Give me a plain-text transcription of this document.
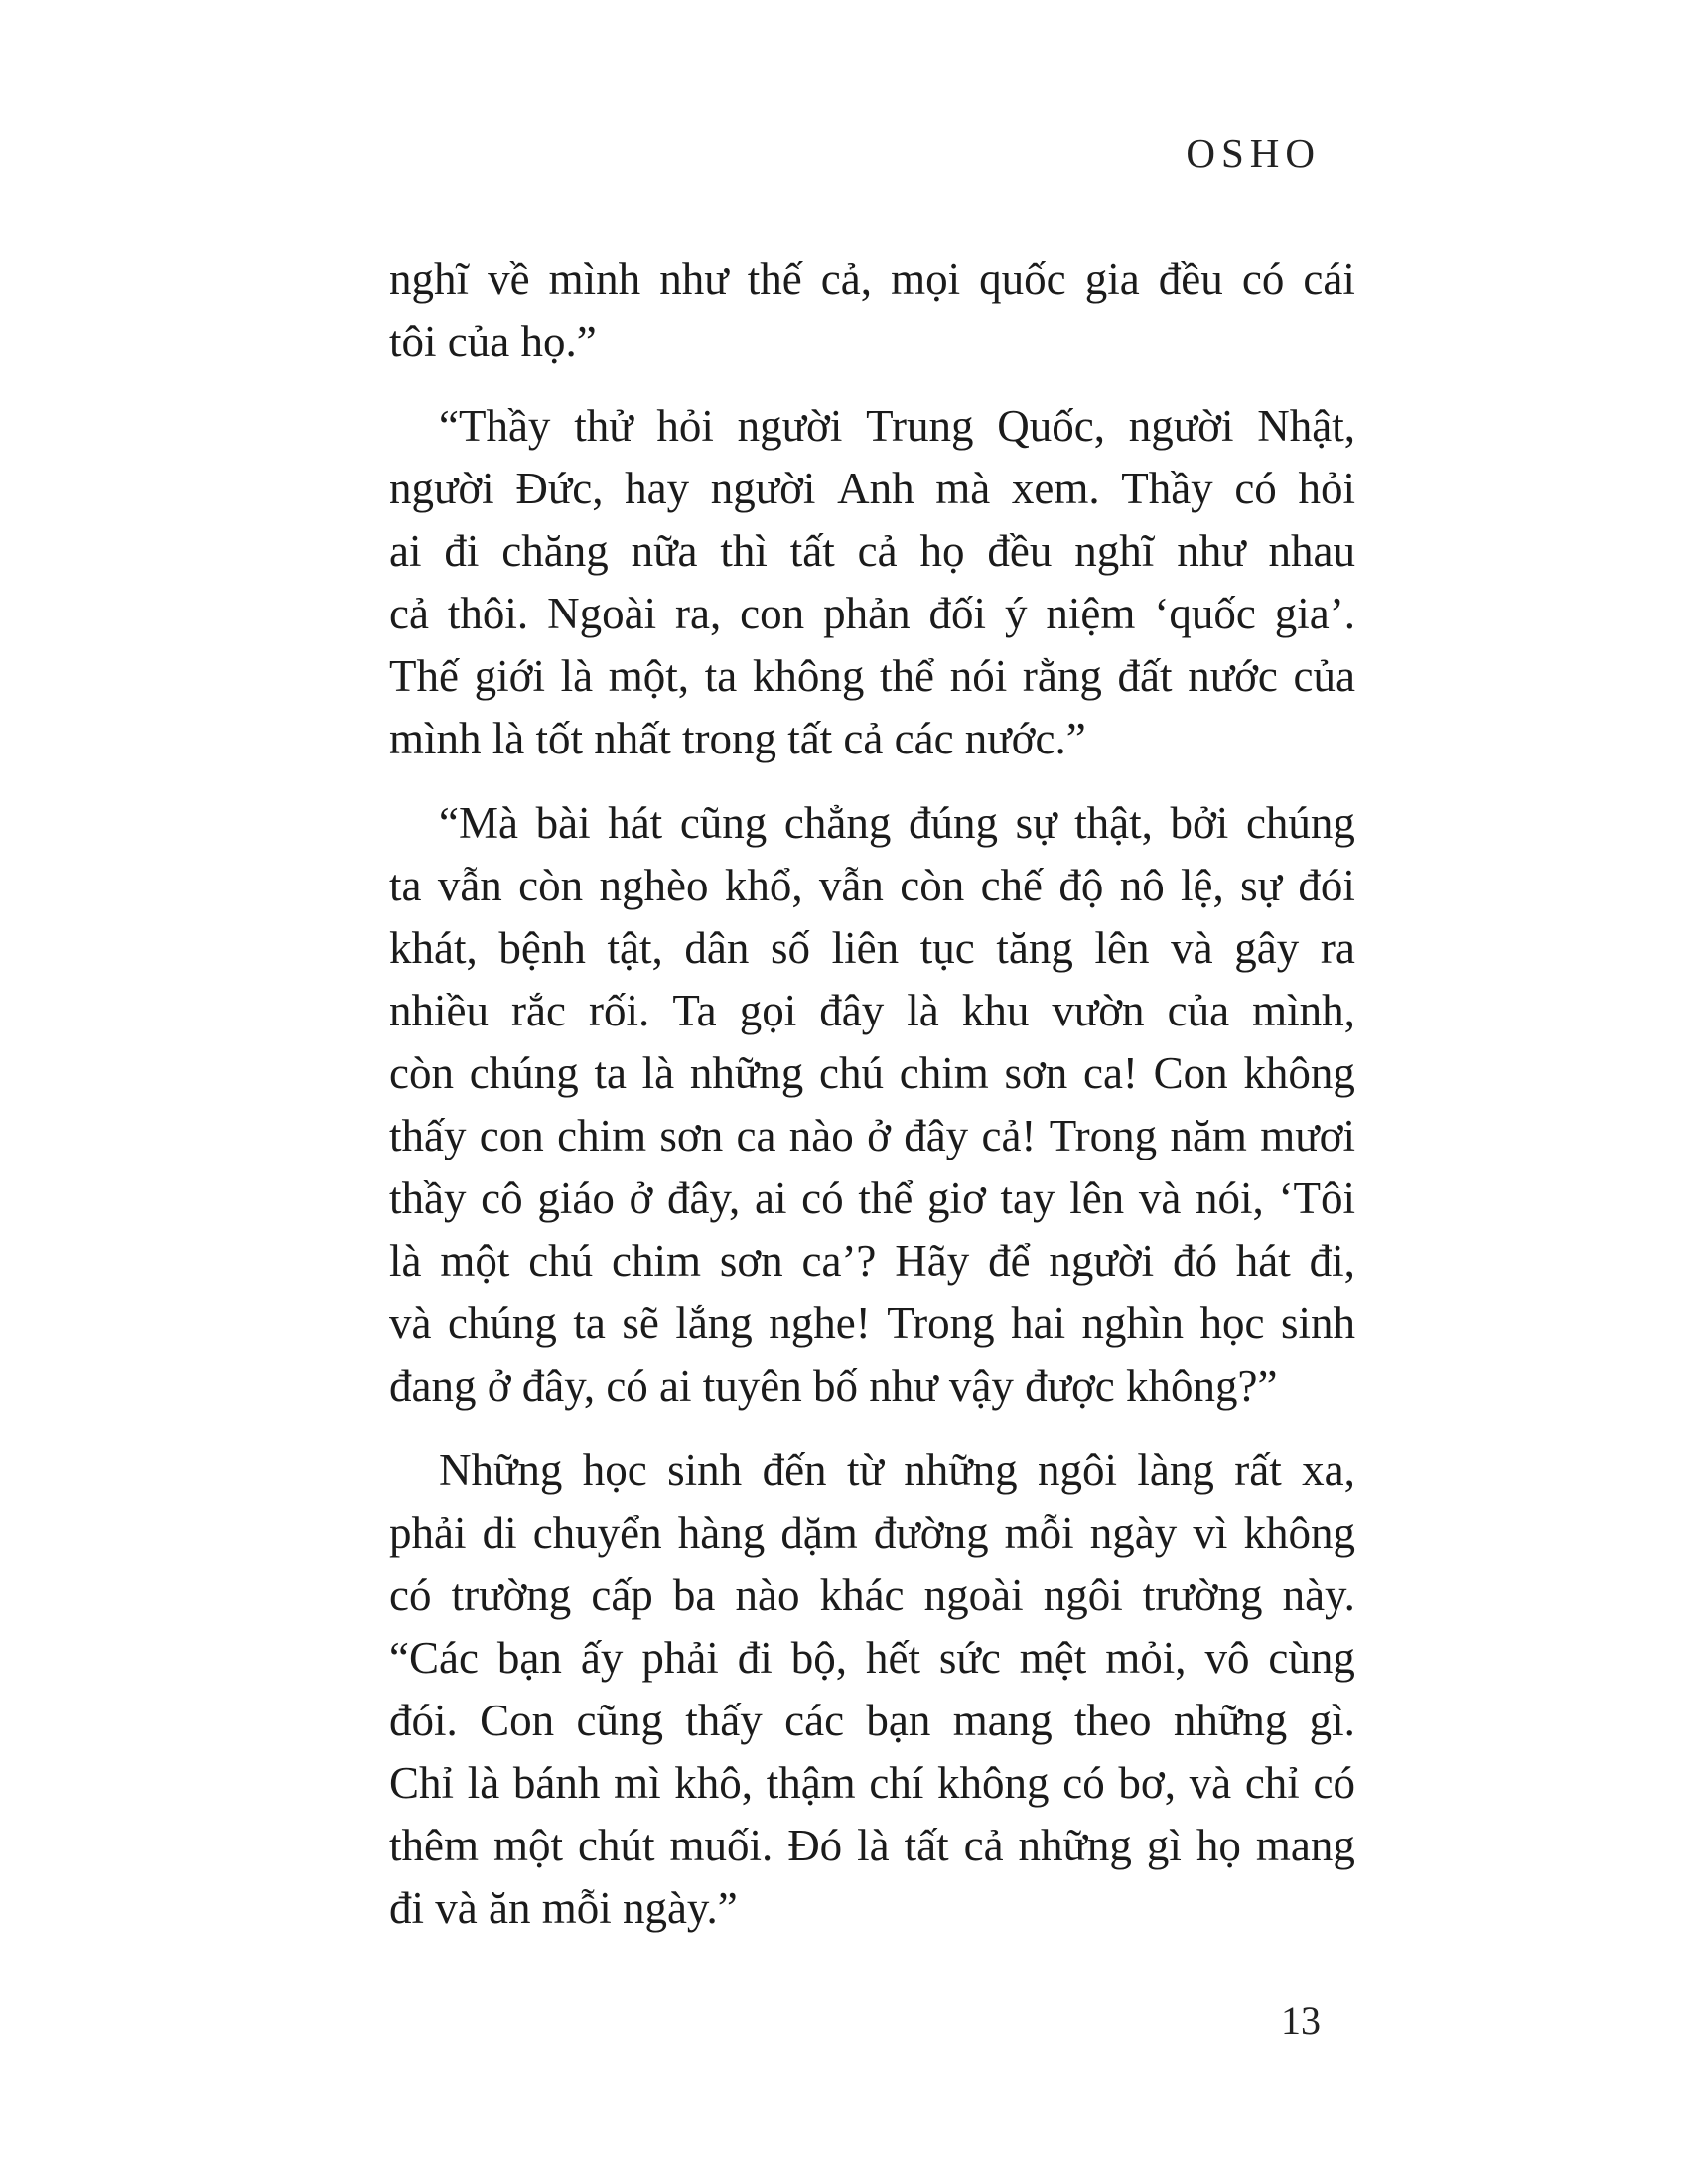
OSHO
nghĩ về mình như thế cả, mọi quốc gia đều có cái
tôi của họ.”
“Thầy thử hỏi người Trung Quốc, người Nhật,
người Đức, hay người Anh mà xem. Thầy có hỏi
ai đi chăng nữa thì tất cả họ đều nghĩ như nhau
cả thôi. Ngoài ra, con phản đối ý niệm ‘quốc gia’.
Thế giới là một, ta không thể nói rằng đất nước của
mình là tốt nhất trong tất cả các nước.”
“Mà bài hát cũng chẳng đúng sự thật, bởi chúng
ta vẫn còn nghèo khổ, vẫn còn chế độ nô lệ, sự đói
khát, bệnh tật, dân số liên tục tăng lên và gây ra
nhiều rắc rối. Ta gọi đây là khu vườn của mình,
còn chúng ta là những chú chim sơn ca! Con không
thấy con chim sơn ca nào ở đây cả! Trong năm mươi
thầy cô giáo ở đây, ai có thể giơ tay lên và nói, ‘Tôi
là một chú chim sơn ca’? Hãy để người đó hát đi,
và chúng ta sẽ lắng nghe! Trong hai nghìn học sinh
đang ở đây, có ai tuyên bố như vậy được không?”
Những học sinh đến từ những ngôi làng rất xa,
phải di chuyển hàng dặm đường mỗi ngày vì không
có trường cấp ba nào khác ngoài ngôi trường này.
“Các bạn ấy phải đi bộ, hết sức mệt mỏi, vô cùng
đói. Con cũng thấy các bạn mang theo những gì.
Chỉ là bánh mì khô, thậm chí không có bơ, và chỉ có
thêm một chút muối. Đó là tất cả những gì họ mang
đi và ăn mỗi ngày.”
13
